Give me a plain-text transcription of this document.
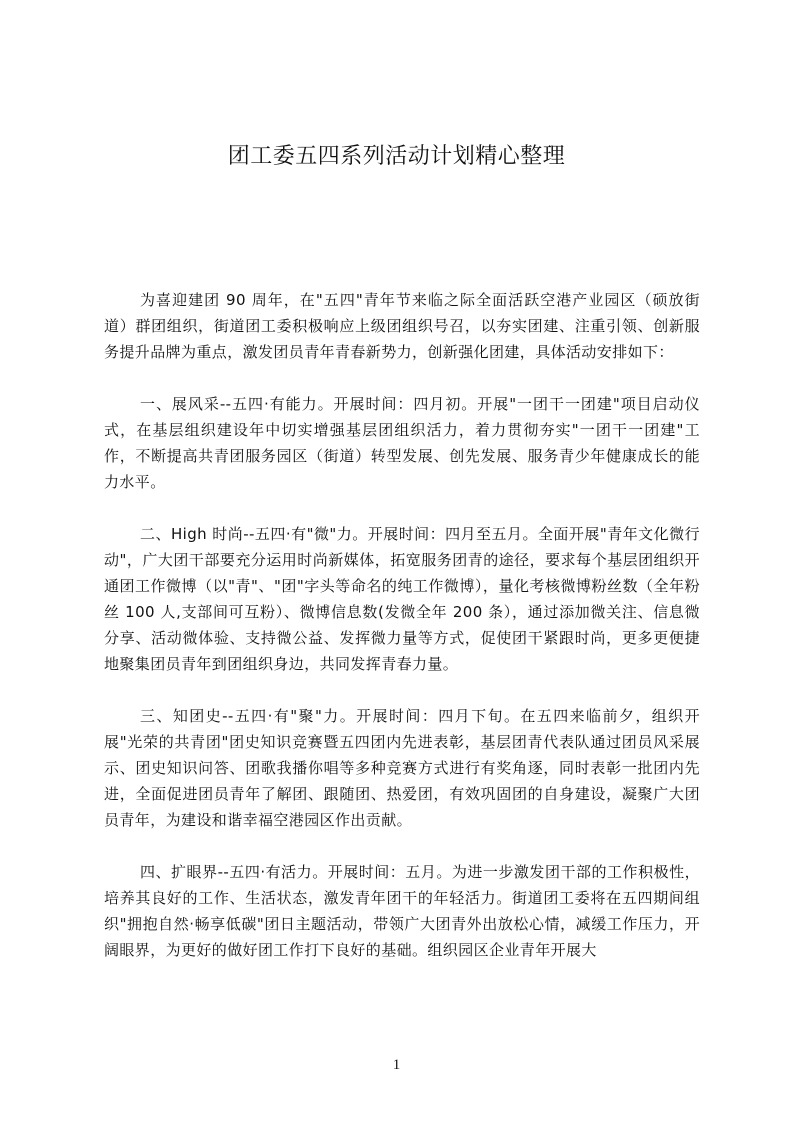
团工委五四系列活动计划精心整理

为喜迎建团 90 周年，在"五四"青年节来临之际全面活跃空港产业园区（硕放街道）群团组织，街道团工委积极响应上级团组织号召，以夯实团建、注重引领、创新服务提升品牌为重点，激发团员青年青春新势力，创新强化团建，具体活动安排如下：

一、展风采--五四·有能力。开展时间：四月初。开展"一团干一团建"项目启动仪式，在基层组织建设年中切实增强基层团组织活力，着力贯彻夯实"一团干一团建"工作，不断提高共青团服务园区（街道）转型发展、创先发展、服务青少年健康成长的能力水平。

二、High 时尚--五四·有"微"力。开展时间：四月至五月。全面开展"青年文化微行动"，广大团干部要充分运用时尚新媒体，拓宽服务团青的途径，要求每个基层团组织开通团工作微博（以"青"、"团"字头等命名的纯工作微博），量化考核微博粉丝数（全年粉丝 100 人,支部间可互粉）、微博信息数(发微全年 200 条），通过添加微关注、信息微分享、活动微体验、支持微公益、发挥微力量等方式，促使团干紧跟时尚，更多更便捷地聚集团员青年到团组织身边，共同发挥青春力量。

三、知团史--五四·有"聚"力。开展时间：四月下旬。在五四来临前夕，组织开展"光荣的共青团"团史知识竞赛暨五四团内先进表彰，基层团青代表队通过团员风采展示、团史知识问答、团歌我播你唱等多种竞赛方式进行有奖角逐，同时表彰一批团内先进，全面促进团员青年了解团、跟随团、热爱团，有效巩固团的自身建设，凝聚广大团员青年，为建设和谐幸福空港园区作出贡献。

四、扩眼界--五四·有活力。开展时间：五月。为进一步激发团干部的工作积极性，培养其良好的工作、生活状态，激发青年团干的年轻活力。街道团工委将在五四期间组织"拥抱自然·畅享低碳"团日主题活动，带领广大团青外出放松心情，减缓工作压力，开阔眼界，为更好的做好团工作打下良好的基础。组织园区企业青年开展大

1
